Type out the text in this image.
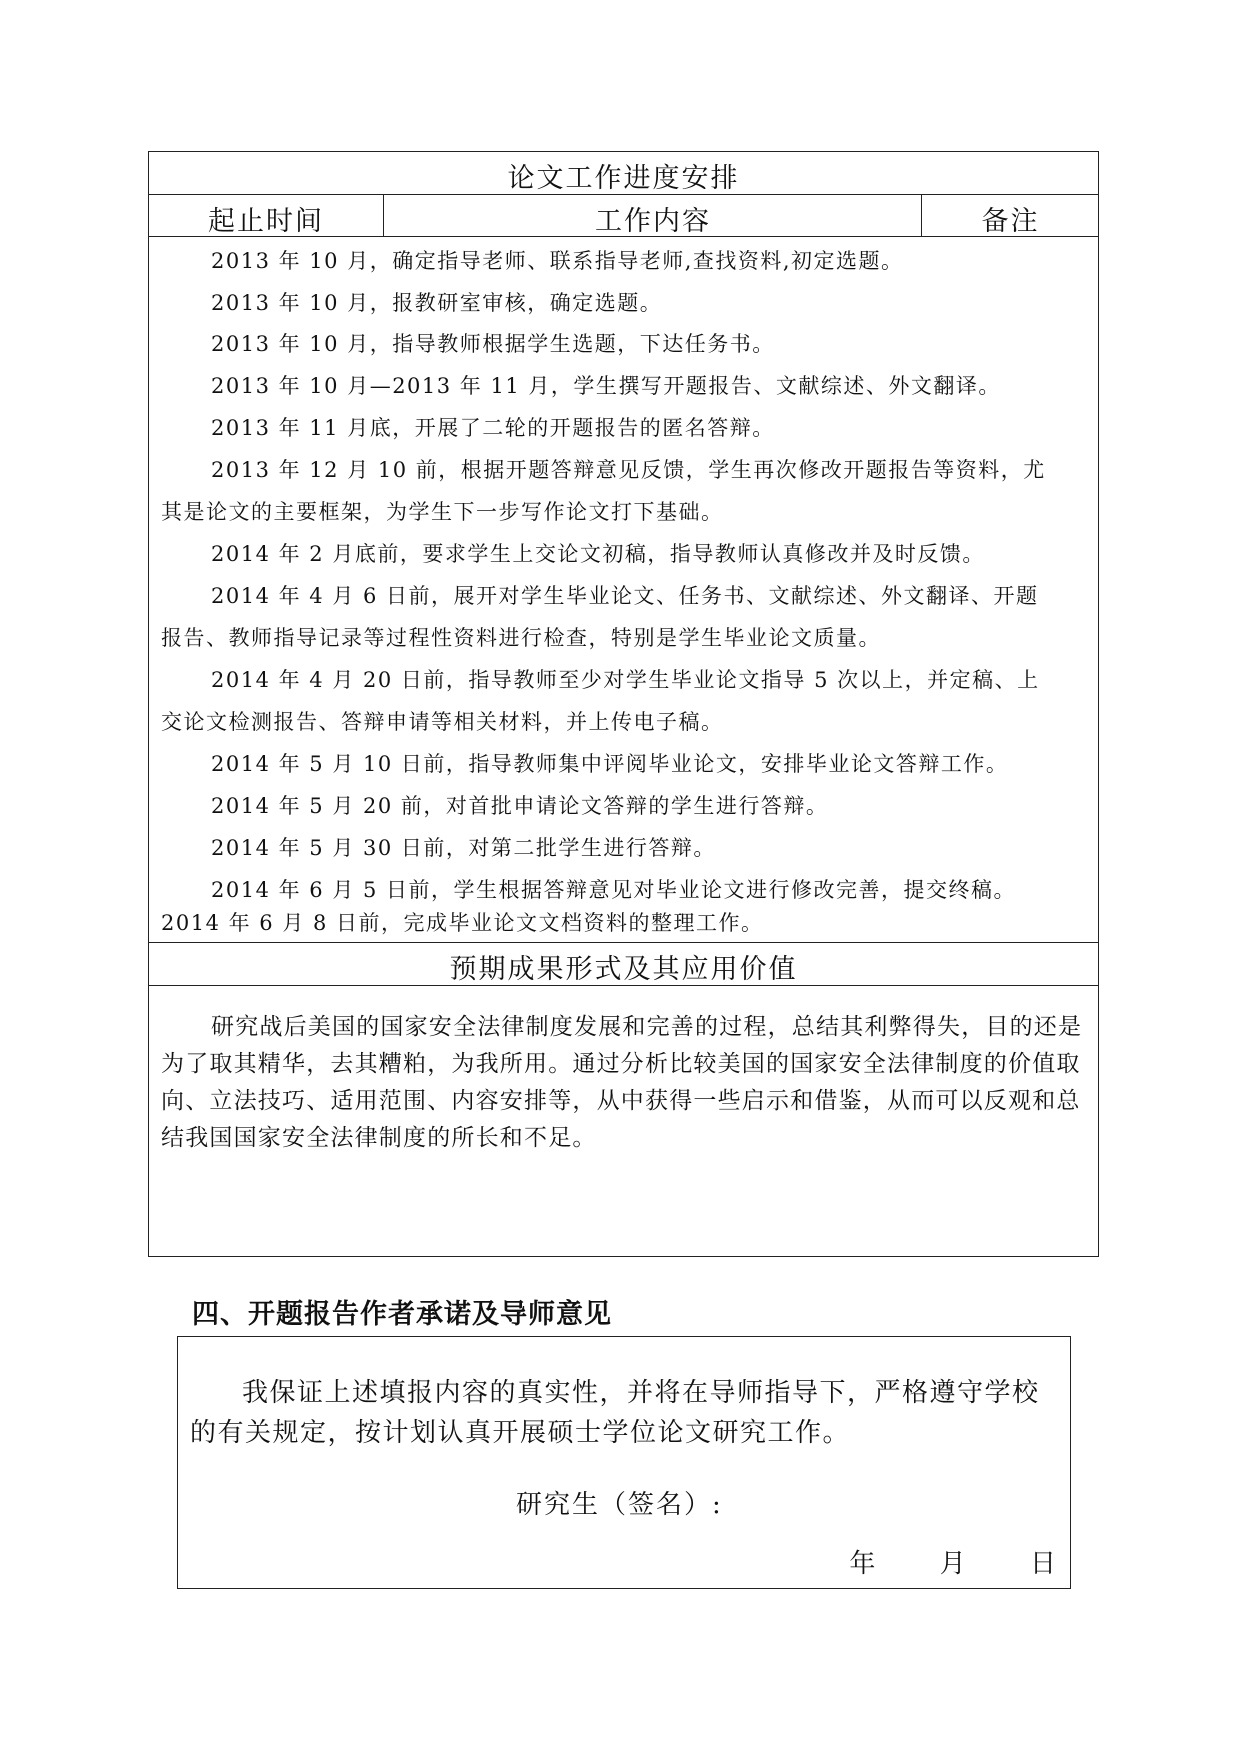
论文工作进度安排
起止时间	工作内容	备注
2013 年 10 月，确定指导老师、联系指导老师,查找资料,初定选题。
2013 年 10 月，报教研室审核，确定选题。
2013 年 10 月，指导教师根据学生选题，下达任务书。
2013 年 10 月—2013 年 11 月，学生撰写开题报告、文献综述、外文翻译。
2013 年 11 月底，开展了二轮的开题报告的匿名答辩。
2013 年 12 月 10 前，根据开题答辩意见反馈，学生再次修改开题报告等资料，尤
其是论文的主要框架，为学生下一步写作论文打下基础。
2014 年 2 月底前，要求学生上交论文初稿，指导教师认真修改并及时反馈。
2014 年 4 月 6 日前，展开对学生毕业论文、任务书、文献综述、外文翻译、开题
报告、教师指导记录等过程性资料进行检查，特别是学生毕业论文质量。
2014 年 4 月 20 日前，指导教师至少对学生毕业论文指导 5 次以上，并定稿、上
交论文检测报告、答辩申请等相关材料，并上传电子稿。
2014 年 5 月 10 日前，指导教师集中评阅毕业论文，安排毕业论文答辩工作。
2014 年 5 月 20 前，对首批申请论文答辩的学生进行答辩。
2014 年 5 月 30 日前，对第二批学生进行答辩。
2014 年 6 月 5 日前，学生根据答辩意见对毕业论文进行修改完善，提交终稿。
2014 年 6 月 8 日前，完成毕业论文文档资料的整理工作。
预期成果形式及其应用价值
研究战后美国的国家安全法律制度发展和完善的过程，总结其利弊得失，目的还是为了取其精华，去其糟粕，为我所用。通过分析比较美国的国家安全法律制度的价值取向、立法技巧、适用范围、内容安排等，从中获得一些启示和借鉴，从而可以反观和总结我国国家安全法律制度的所长和不足。
四、开题报告作者承诺及导师意见
我保证上述填报内容的真实性，并将在导师指导下，严格遵守学校的有关规定，按计划认真开展硕士学位论文研究工作。
研究生（签名）:
年 月 日
